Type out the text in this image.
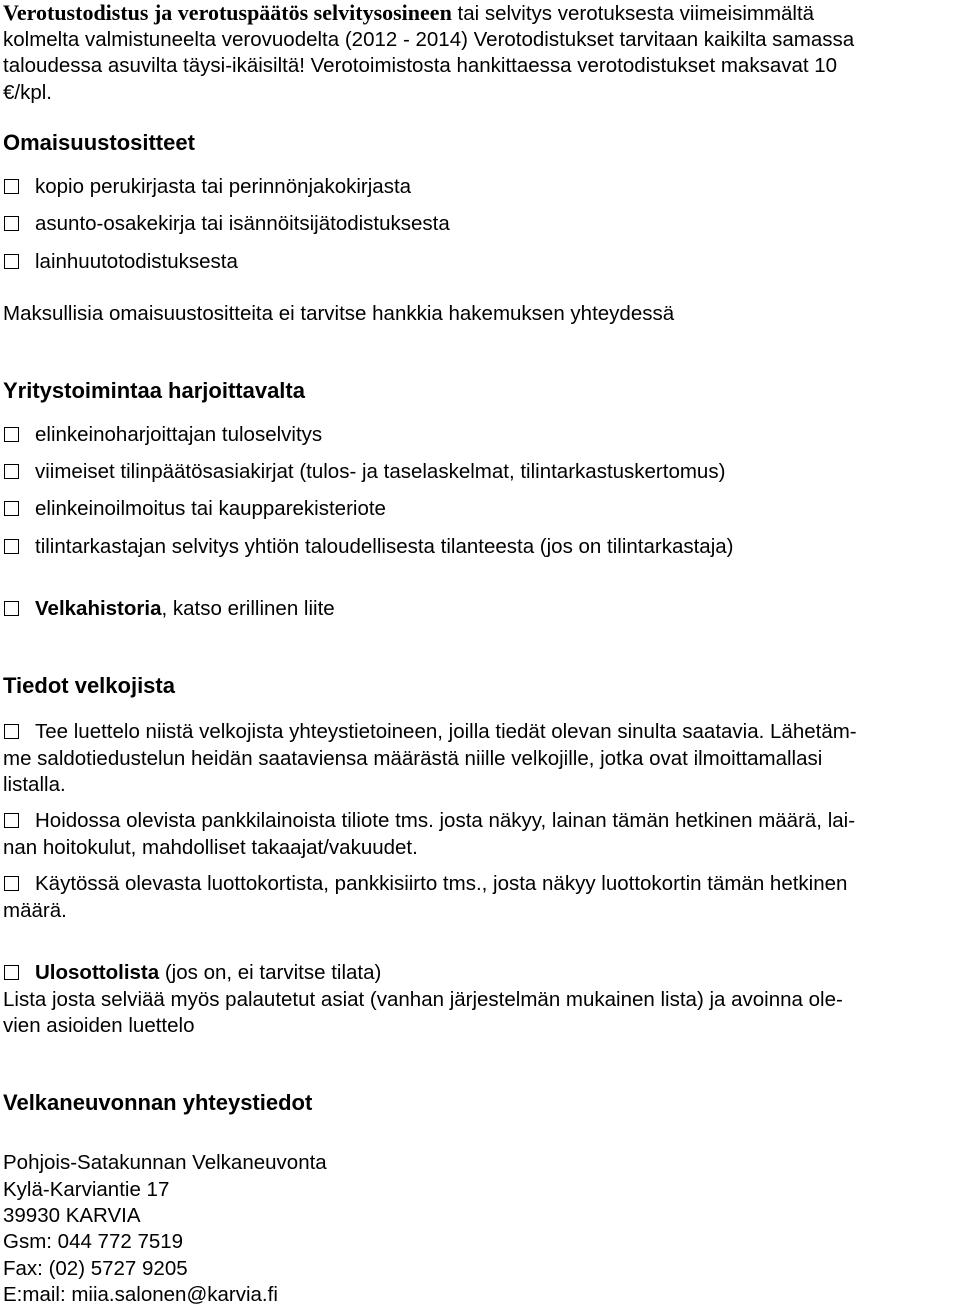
Verotustodistus ja verotuspäätös selvitysosineen tai selvitys verotuksesta viimeisimmältä
kolmelta valmistuneelta verovuodelta (2012 - 2014) Verotodistukset tarvitaan kaikilta samassa
taloudessa asuvilta täysi-ikäisiltä! Verotoimistosta hankittaessa verotodistukset maksavat 10
€/kpl.
Omaisuustositteet
kopio perukirjasta tai perinnönjakokirjasta
asunto-osakekirja tai isännöitsijätodistuksesta
lainhuutotodistuksesta
Maksullisia omaisuustositteita ei tarvitse hankkia hakemuksen yhteydessä
Yritystoimintaa harjoittavalta
elinkeinoharjoittajan tuloselvitys
viimeiset tilinpäätösasiakirjat (tulos- ja taselaskelmat, tilintarkastuskertomus)
elinkeinoilmoitus tai kaupparekisteriote
tilintarkastajan selvitys yhtiön taloudellisesta tilanteesta (jos on tilintarkastaja)
Velkahistoria, katso erillinen liite
Tiedot velkojista
Tee luettelo niistä velkojista yhteystietoineen, joilla tiedät olevan sinulta saatavia. Lähetäm-
me saldotiedustelun heidän saataviensa määrästä niille velkojille, jotka ovat ilmoittamallasi
listalla.
Hoidossa olevista pankkilainoista tiliote tms. josta näkyy, lainan tämän hetkinen määrä, lai-
nan hoitokulut, mahdolliset takaajat/vakuudet.
Käytössä olevasta luottokortista, pankkisiirto tms., josta näkyy luottokortin tämän hetkinen
määrä.
Ulosottolista (jos on, ei tarvitse tilata)
Lista josta selviää myös palautetut asiat (vanhan järjestelmän mukainen lista) ja avoinna ole-
vien asioiden luettelo
Velkaneuvonnan yhteystiedot
Pohjois-Satakunnan Velkaneuvonta
Kylä-Karviantie 17
39930 KARVIA
Gsm: 044 772 7519
Fax: (02) 5727 9205
E:mail: miia.salonen@karvia.fi
